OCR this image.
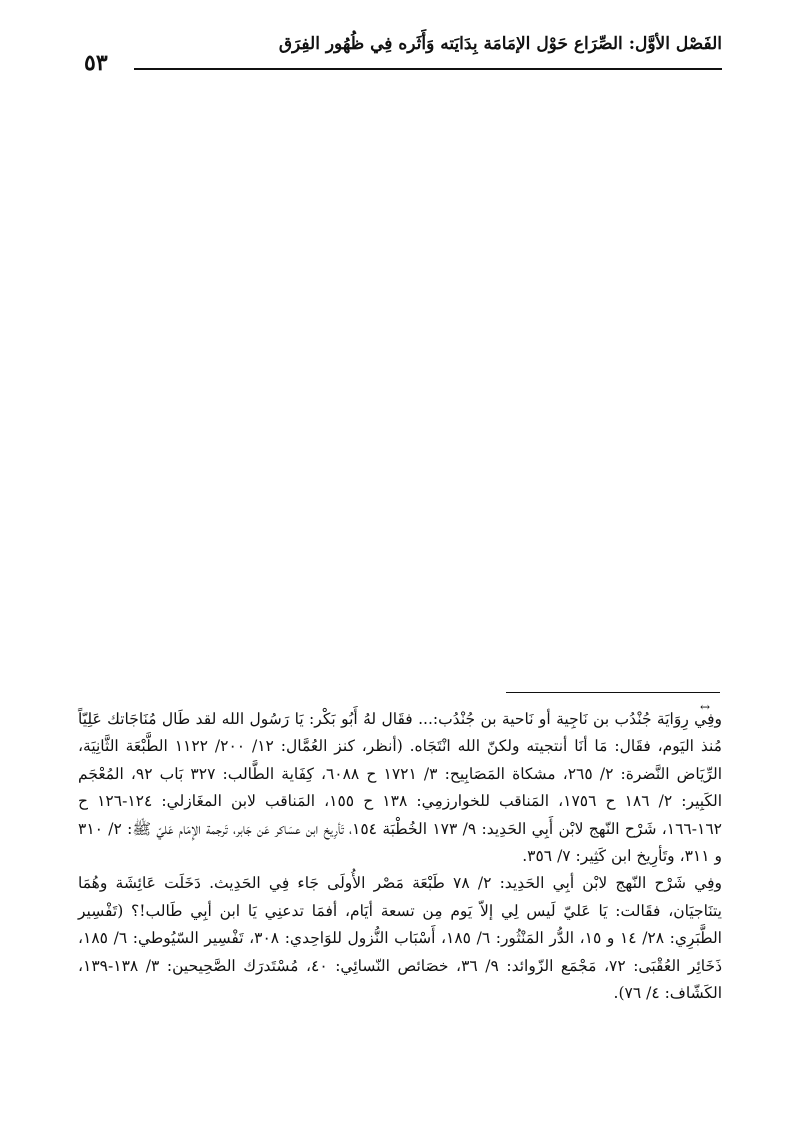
الفَصْل الأوَّل: الصِّرَاع حَوْل الإمَامَة بِدَايَته وَأَثَره فِي ظُهُور الفِرَق
٥٣
↔

وفِي رِوَايَة جُنْدُب بن نَاجِية أو نَاحية بن جُنْدُب:... فقَال لهُ أَبُو بَكْر: يَا رَسُول الله لقد طَال مُنَاجَاتك عَلِيّاً مُنذ اليَوم، فقَال: مَا أنَا أنتجيته ولكنّ الله انْتَجَاه. (أنظر، كنز العُمَّال: ١٢/ ٢٠٠/ ١١٢٢ الطَّبْعَة الثَّانِيَة، الرِّيَاض النَّضرة: ٢/ ٢٦٥، مشكاة المَصَابِيح: ٣/ ١٧٢١ ح ٦٠٨٨، كِفَاية الطَّالب: ٣٢٧ بَاب ٩٢، المُعْجَم الكَبِير: ٢/ ١٨٦ ح ١٧٥٦، المَناقب للخوارزمِي: ١٣٨ ح ١٥٥، المَناقب لابن المغَازلي: ١٢٤-١٢٦ ح ١٦٢-١٦٦، شَرْح النّهج لابْن أَبِي الحَدِيد: ٩/ ١٧٣ الخُطْبَة ١٥٤، تَأرِيخ ابن عسَاكر عَن جَابر، تَرجمة الإِمَام عَليّ ﷺ: ٢/ ٣١٠ و ٣١١، وتَأرِيخ ابن كَثِير: ٧/ ٣٥٦.

وفِي شَرْح النّهج لابْن أبِي الحَدِيد: ٢/ ٧٨ طَبْعَة مَصْر الأُولَى جَاء فِي الحَدِيث. دَخَلَت عَائِشَة وهُمَا يتنَاجيَان، فقَالت: يَا عَليّ لَيس لِي إلاّ يَوم مِن تسعة أيَام، أفمَا تدعنِي يَا ابن أبِي طَالب!؟ (تَفْسِير الطَّبَرِي: ٢٨/ ١٤ و ١٥، الدُّر المَنْثُور: ٦/ ١٨٥، أَسْبَاب النُّزول للوَاحِدي: ٣٠٨، تَفْسِير السّيُوطي: ٦/ ١٨٥، ذَخَائِر العُقْبَى: ٧٢، مَجْمَع الزّوائد: ٩/ ٣٦، خصَائص النّسائِي: ٤٠، مُسْتَدرَك الصَّحِيحين: ٣/ ١٣٨-١٣٩، الكَشّاف: ٤/ ٧٦).
